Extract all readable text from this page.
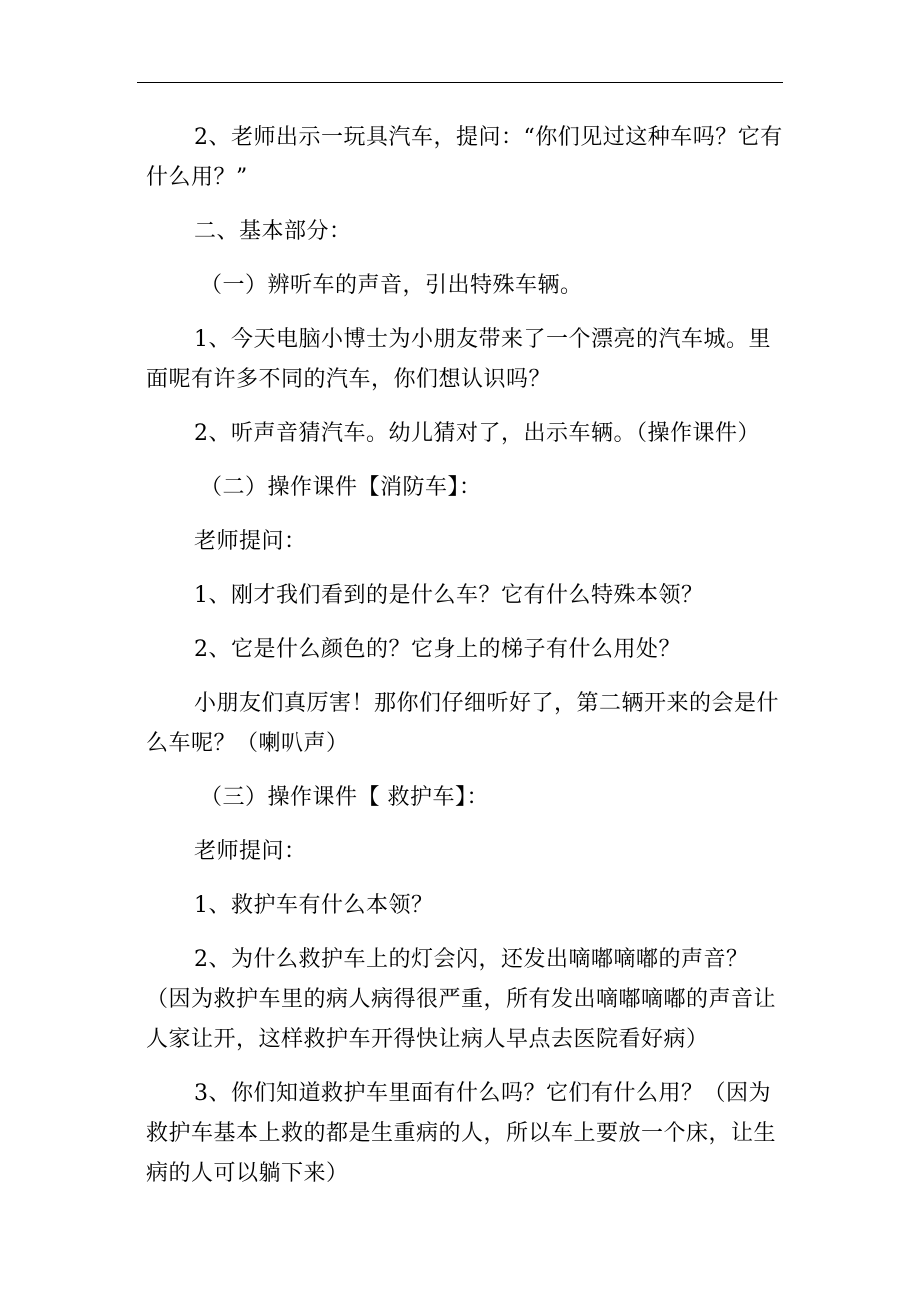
2、老师出示一玩具汽车，提问：“你们见过这种车吗？它有什么用？”

二、基本部分：

（一）辨听车的声音，引出特殊车辆。

1、今天电脑小博士为小朋友带来了一个漂亮的汽车城。里面呢有许多不同的汽车，你们想认识吗？

2、听声音猜汽车。幼儿猜对了，出示车辆。（操作课件）

（二）操作课件【消防车】：

老师提问：

1、刚才我们看到的是什么车？它有什么特殊本领？

2、它是什么颜色的？它身上的梯子有什么用处？

小朋友们真厉害！那你们仔细听好了，第二辆开来的会是什么车呢？（喇叭声）

（三）操作课件【 救护车】：

老师提问：

1、救护车有什么本领？

2、为什么救护车上的灯会闪，还发出嘀嘟嘀嘟的声音？（因为救护车里的病人病得很严重，所有发出嘀嘟嘀嘟的声音让人家让开，这样救护车开得快让病人早点去医院看好病）

3、你们知道救护车里面有什么吗？它们有什么用？（因为救护车基本上救的都是生重病的人，所以车上要放一个床，让生病的人可以躺下来）
